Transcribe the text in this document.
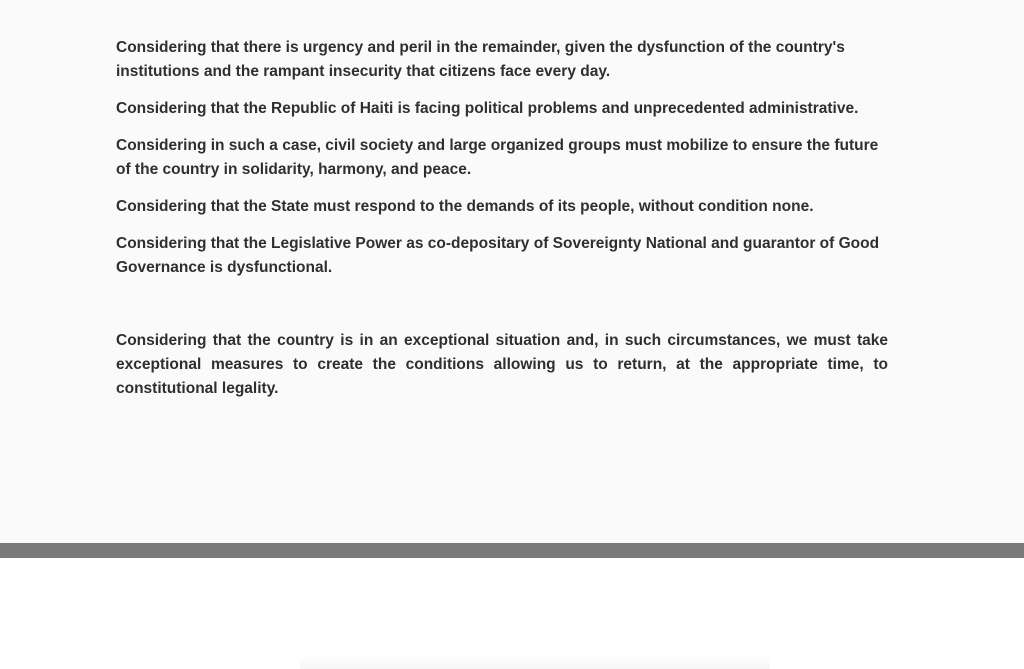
Considering that there is urgency and peril in the remainder, given the dysfunction of the country's institutions and the rampant insecurity that citizens face every day.

Considering that the Republic of Haiti is facing political problems and unprecedented administrative.

Considering in such a case, civil society and large organized groups must mobilize to ensure the future of the country in solidarity, harmony, and peace.

Considering that the State must respond to the demands of its people, without condition none.

Considering that the Legislative Power as co-depositary of Sovereignty National and guarantor of Good Governance is dysfunctional.

Considering that the country is in an exceptional situation and, in such circumstances, we must take exceptional measures to create the conditions allowing us to return, at the appropriate time, to constitutional legality.
